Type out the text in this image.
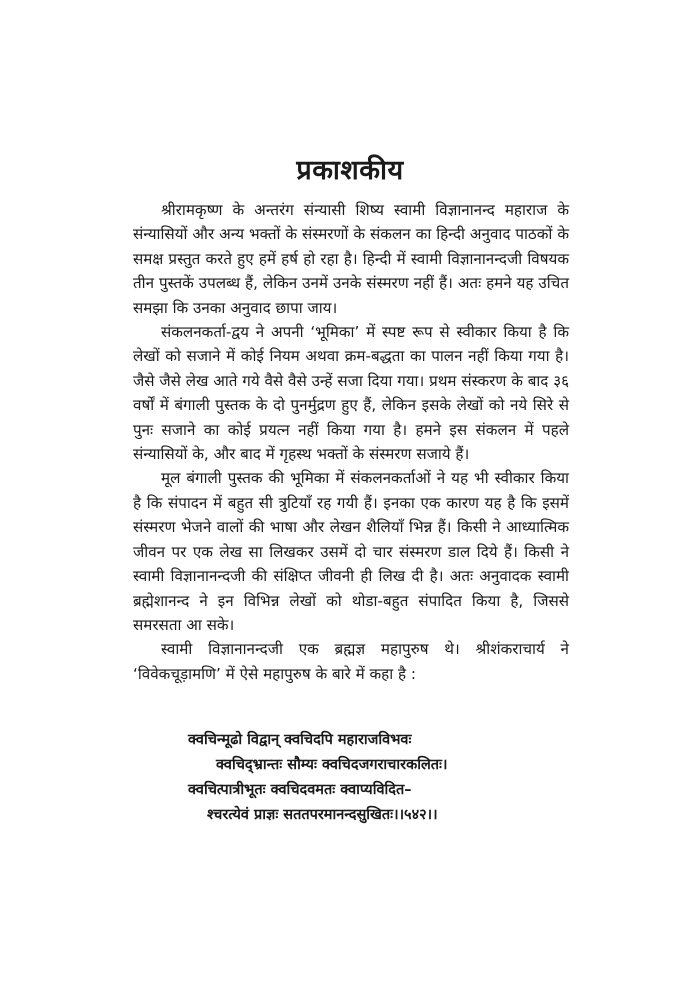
प्रकाशकीय

श्रीरामकृष्ण के अन्तरंग संन्यासी शिष्य स्वामी विज्ञानानन्द महाराज के संन्यासियों और अन्य भक्तों के संस्मरणों के संकलन का हिन्दी अनुवाद पाठकों के समक्ष प्रस्तुत करते हुए हमें हर्ष हो रहा है। हिन्दी में स्वामी विज्ञानानन्दजी विषयक तीन पुस्तकें उपलब्ध हैं, लेकिन उनमें उनके संस्मरण नहीं हैं। अतः हमने यह उचित समझा कि उनका अनुवाद छापा जाय।

संकलनकर्ता-द्वय ने अपनी ‘भूमिका’ में स्पष्ट रूप से स्वीकार किया है कि लेखों को सजाने में कोई नियम अथवा क्रम-बद्धता का पालन नहीं किया गया है। जैसे जैसे लेख आते गये वैसे वैसे उन्हें सजा दिया गया। प्रथम संस्करण के बाद ३६ वर्षों में बंगाली पुस्तक के दो पुनर्मुद्रण हुए हैं, लेकिन इसके लेखों को नये सिरे से पुनः सजाने का कोई प्रयत्न नहीं किया गया है। हमने इस संकलन में पहले संन्यासियों के, और बाद में गृहस्थ भक्तों के संस्मरण सजाये हैं।

मूल बंगाली पुस्तक की भूमिका में संकलनकर्ताओं ने यह भी स्वीकार किया है कि संपादन में बहुत सी त्रुटियाँ रह गयी हैं। इनका एक कारण यह है कि इसमें संस्मरण भेजने वालों की भाषा और लेखन शैलियाँ भिन्न हैं। किसी ने आध्यात्मिक जीवन पर एक लेख सा लिखकर उसमें दो चार संस्मरण डाल दिये हैं। किसी ने स्वामी विज्ञानानन्दजी की संक्षिप्त जीवनी ही लिख दी है। अतः अनुवादक स्वामी ब्रह्मेशानन्द ने इन विभिन्न लेखों को थोडा-बहुत संपादित किया है, जिससे समरसता आ सके।

स्वामी विज्ञानानन्दजी एक ब्रह्मज्ञ महापुरुष थे। श्रीशंकराचार्य ने ‘विवेकचूड़ामणि’ में ऐसे महापुरुष के बारे में कहा है :

क्वचिन्मूढो विद्वान् क्वचिदपि महाराजविभवः
क्वचिद्भ्रान्तः सौम्यः क्वचिदजगराचारकलितः।
क्वचित्पात्रीभूतः क्वचिदवमतः क्वाप्यविदित–
श्चरत्येवं प्राज्ञः सततपरमानन्दसुखितः।।५४२।।
